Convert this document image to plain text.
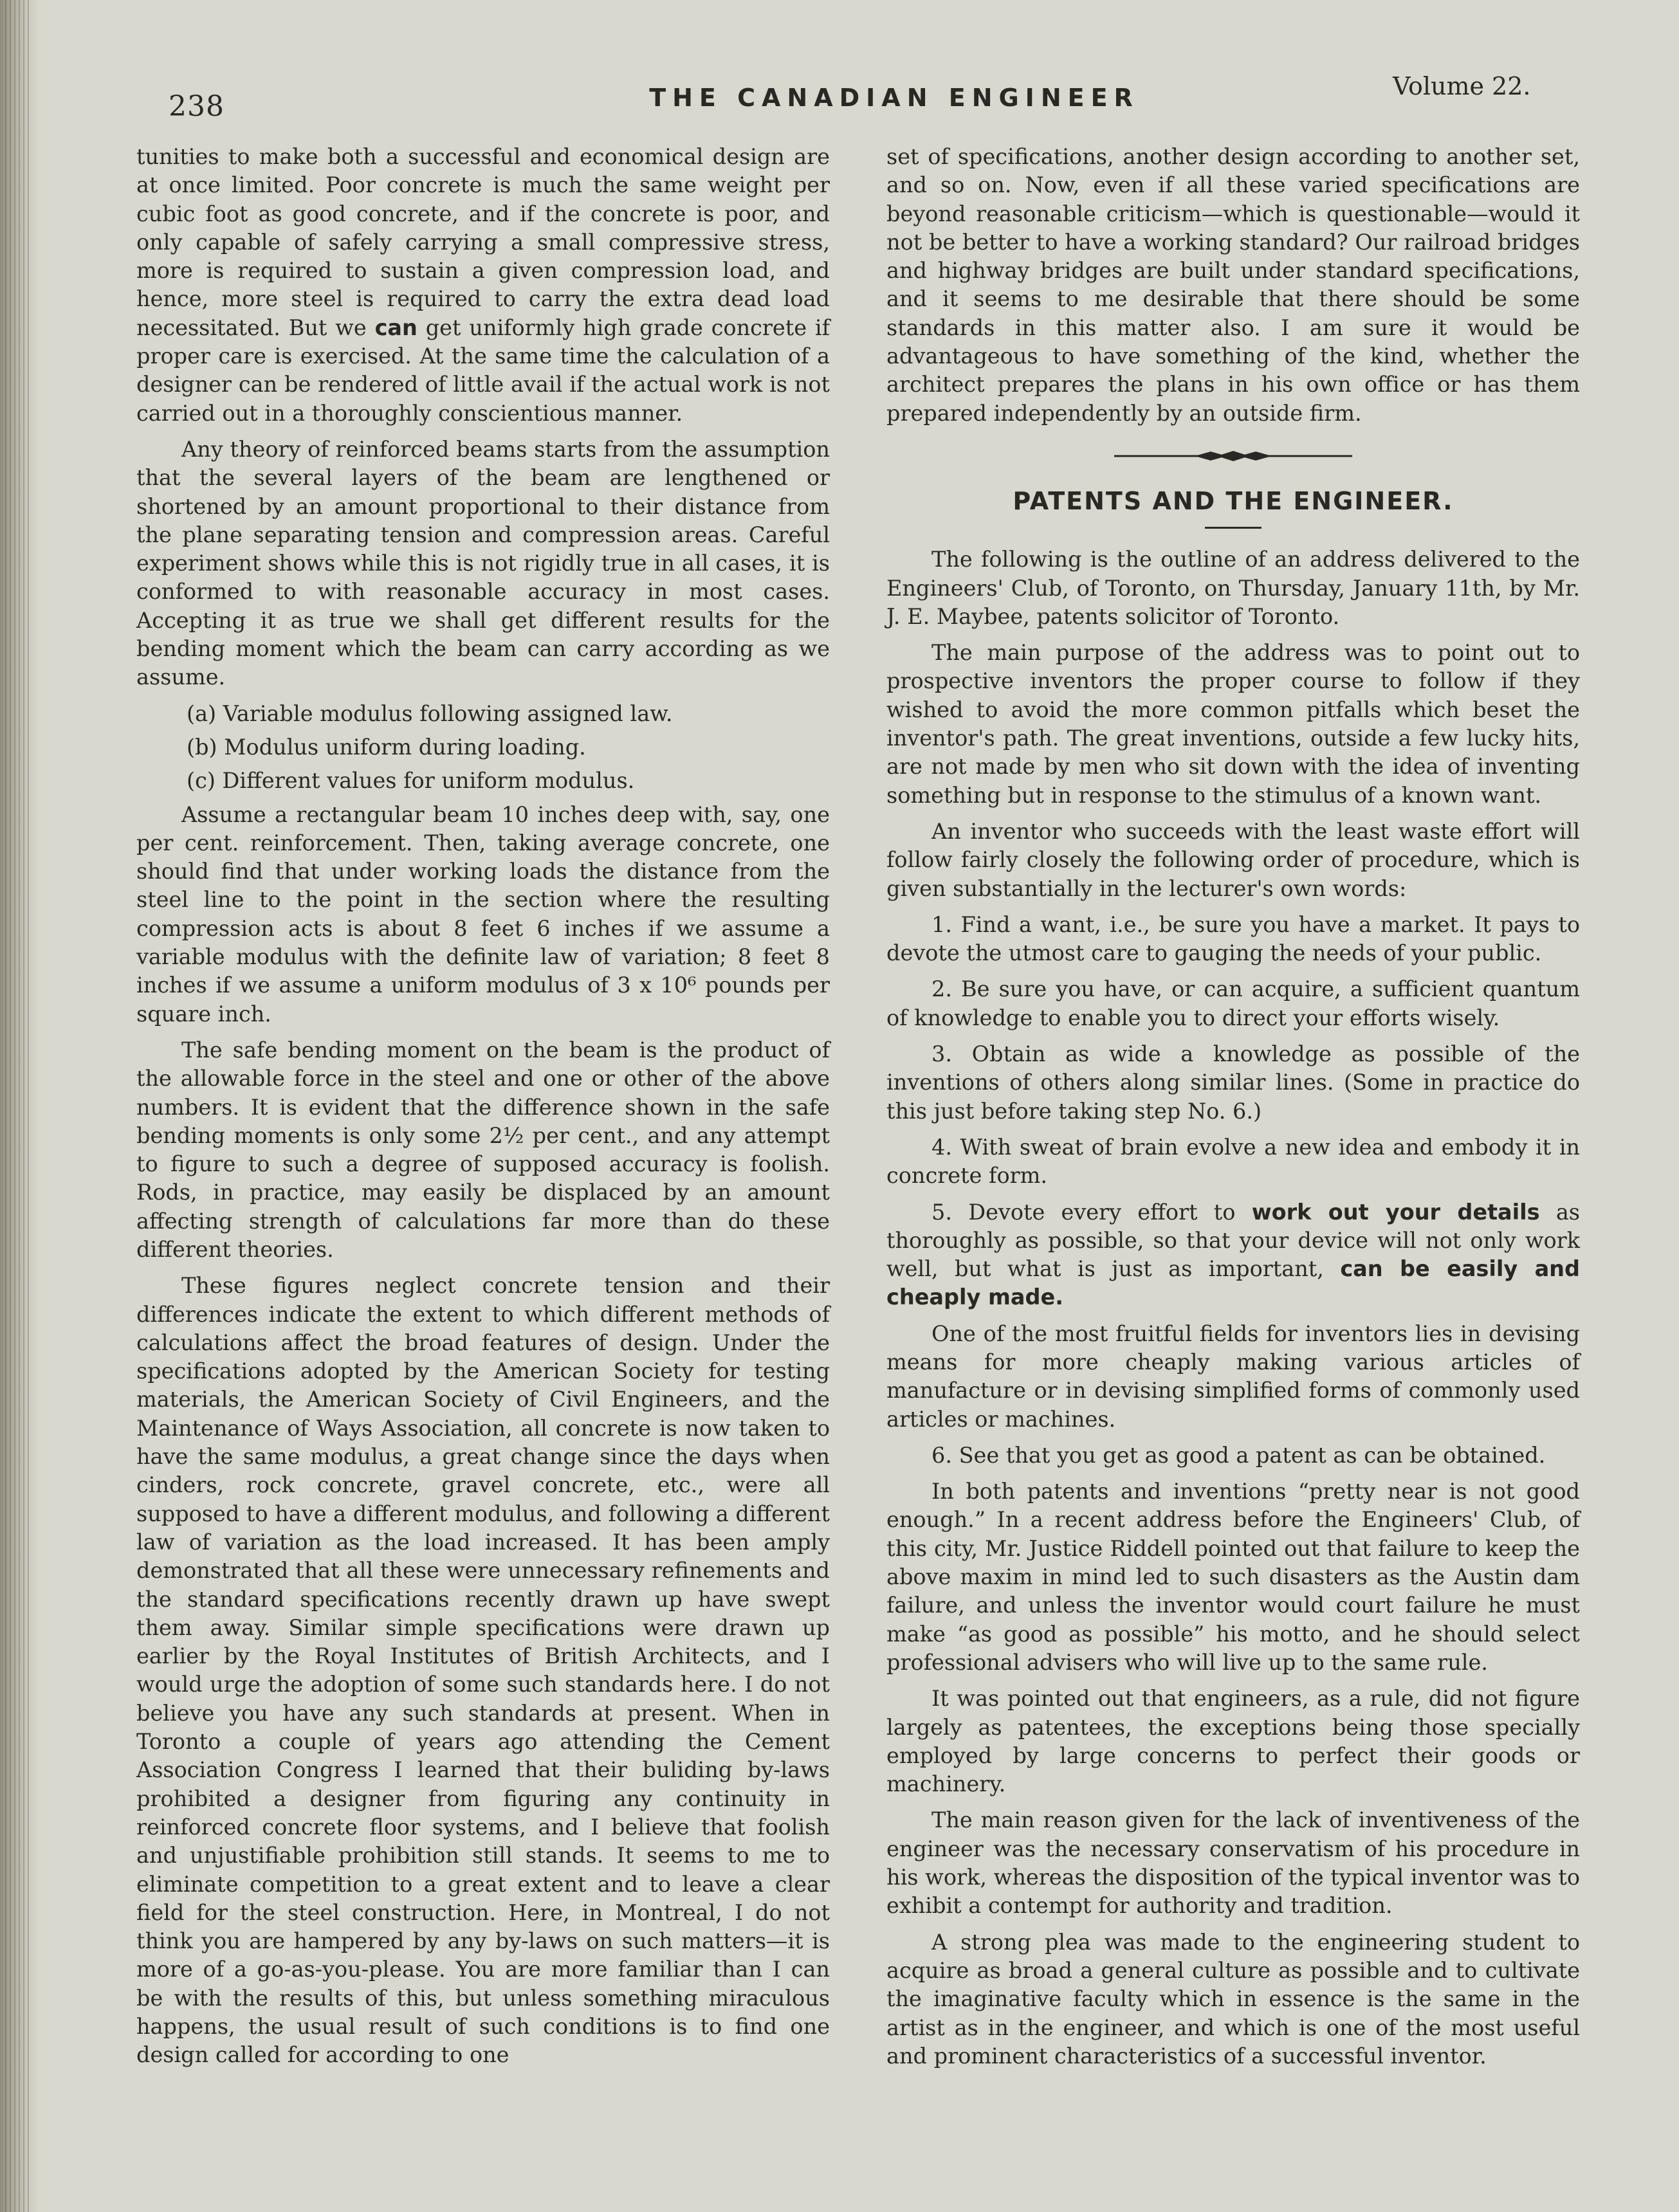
238	THE CANADIAN ENGINEER	Volume 22.

tunities to make both a successful and economical design are at once limited. Poor concrete is much the same weight per cubic foot as good concrete, and if the concrete is poor, and only capable of safely carrying a small compressive stress, more is required to sustain a given compression load, and hence, more steel is required to carry the extra dead load necessitated. But we can get uniformly high grade concrete if proper care is exercised. At the same time the calculation of a designer can be rendered of little avail if the actual work is not carried out in a thoroughly conscientious manner.

Any theory of reinforced beams starts from the assumption that the several layers of the beam are lengthened or shortened by an amount proportional to their distance from the plane separating tension and compression areas. Careful experiment shows while this is not rigidly true in all cases, it is conformed to with reasonable accuracy in most cases. Accepting it as true we shall get different results for the bending moment which the beam can carry according as we assume.

(a) Variable modulus following assigned law.

(b) Modulus uniform during loading.

(c) Different values for uniform modulus.

Assume a rectangular beam 10 inches deep with, say, one per cent. reinforcement. Then, taking average concrete, one should find that under working loads the distance from the steel line to the point in the section where the resulting compression acts is about 8 feet 6 inches if we assume a variable modulus with the definite law of variation; 8 feet 8 inches if we assume a uniform modulus of 3 x 10⁶ pounds per square inch.

The safe bending moment on the beam is the product of the allowable force in the steel and one or other of the above numbers. It is evident that the difference shown in the safe bending moments is only some 2½ per cent., and any attempt to figure to such a degree of supposed accuracy is foolish. Rods, in practice, may easily be displaced by an amount affecting strength of calculations far more than do these different theories.

These figures neglect concrete tension and their differences indicate the extent to which different methods of calculations affect the broad features of design. Under the specifications adopted by the American Society for testing materials, the American Society of Civil Engineers, and the Maintenance of Ways Association, all concrete is now taken to have the same modulus, a great change since the days when cinders, rock concrete, gravel concrete, etc., were all supposed to have a different modulus, and following a different law of variation as the load increased. It has been amply demonstrated that all these were unnecessary refinements and the standard specifications recently drawn up have swept them away. Similar simple specifications were drawn up earlier by the Royal Institutes of British Architects, and I would urge the adoption of some such standards here. I do not believe you have any such standards at present. When in Toronto a couple of years ago attending the Cement Association Congress I learned that their buliding by-laws prohibited a designer from figuring any continuity in reinforced concrete floor systems, and I believe that foolish and unjustifiable prohibition still stands. It seems to me to eliminate competition to a great extent and to leave a clear field for the steel construction. Here, in Montreal, I do not think you are hampered by any by-laws on such matters—it is more of a go-as-you-please. You are more familiar than I can be with the results of this, but unless something miraculous happens, the usual result of such conditions is to find one design called for according to one

set of specifications, another design according to another set, and so on. Now, even if all these varied specifications are beyond reasonable criticism—which is questionable—would it not be better to have a working standard? Our railroad bridges and highway bridges are built under standard specifications, and it seems to me desirable that there should be some standards in this matter also. I am sure it would be advantageous to have something of the kind, whether the architect prepares the plans in his own office or has them prepared independently by an outside firm.

PATENTS AND THE ENGINEER.

The following is the outline of an address delivered to the Engineers' Club, of Toronto, on Thursday, January 11th, by Mr. J. E. Maybee, patents solicitor of Toronto.

The main purpose of the address was to point out to prospective inventors the proper course to follow if they wished to avoid the more common pitfalls which beset the inventor's path. The great inventions, outside a few lucky hits, are not made by men who sit down with the idea of inventing something but in response to the stimulus of a known want.

An inventor who succeeds with the least waste effort will follow fairly closely the following order of procedure, which is given substantially in the lecturer's own words:

1. Find a want, i.e., be sure you have a market. It pays to devote the utmost care to gauging the needs of your public.

2. Be sure you have, or can acquire, a sufficient quantum of knowledge to enable you to direct your efforts wisely.

3. Obtain as wide a knowledge as possible of the inventions of others along similar lines. (Some in practice do this just before taking step No. 6.)

4. With sweat of brain evolve a new idea and embody it in concrete form.

5. Devote every effort to work out your details as thoroughly as possible, so that your device will not only work well, but what is just as important, can be easily and cheaply made.

One of the most fruitful fields for inventors lies in devising means for more cheaply making various articles of manufacture or in devising simplified forms of commonly used articles or machines.

6. See that you get as good a patent as can be obtained.

In both patents and inventions “pretty near is not good enough.” In a recent address before the Engineers' Club, of this city, Mr. Justice Riddell pointed out that failure to keep the above maxim in mind led to such disasters as the Austin dam failure, and unless the inventor would court failure he must make “as good as possible” his motto, and he should select professional advisers who will live up to the same rule.

It was pointed out that engineers, as a rule, did not figure largely as patentees, the exceptions being those specially employed by large concerns to perfect their goods or machinery.

The main reason given for the lack of inventiveness of the engineer was the necessary conservatism of his procedure in his work, whereas the disposition of the typical inventor was to exhibit a contempt for authority and tradition.

A strong plea was made to the engineering student to acquire as broad a general culture as possible and to cultivate the imaginative faculty which in essence is the same in the artist as in the engineer, and which is one of the most useful and prominent characteristics of a successful inventor.
